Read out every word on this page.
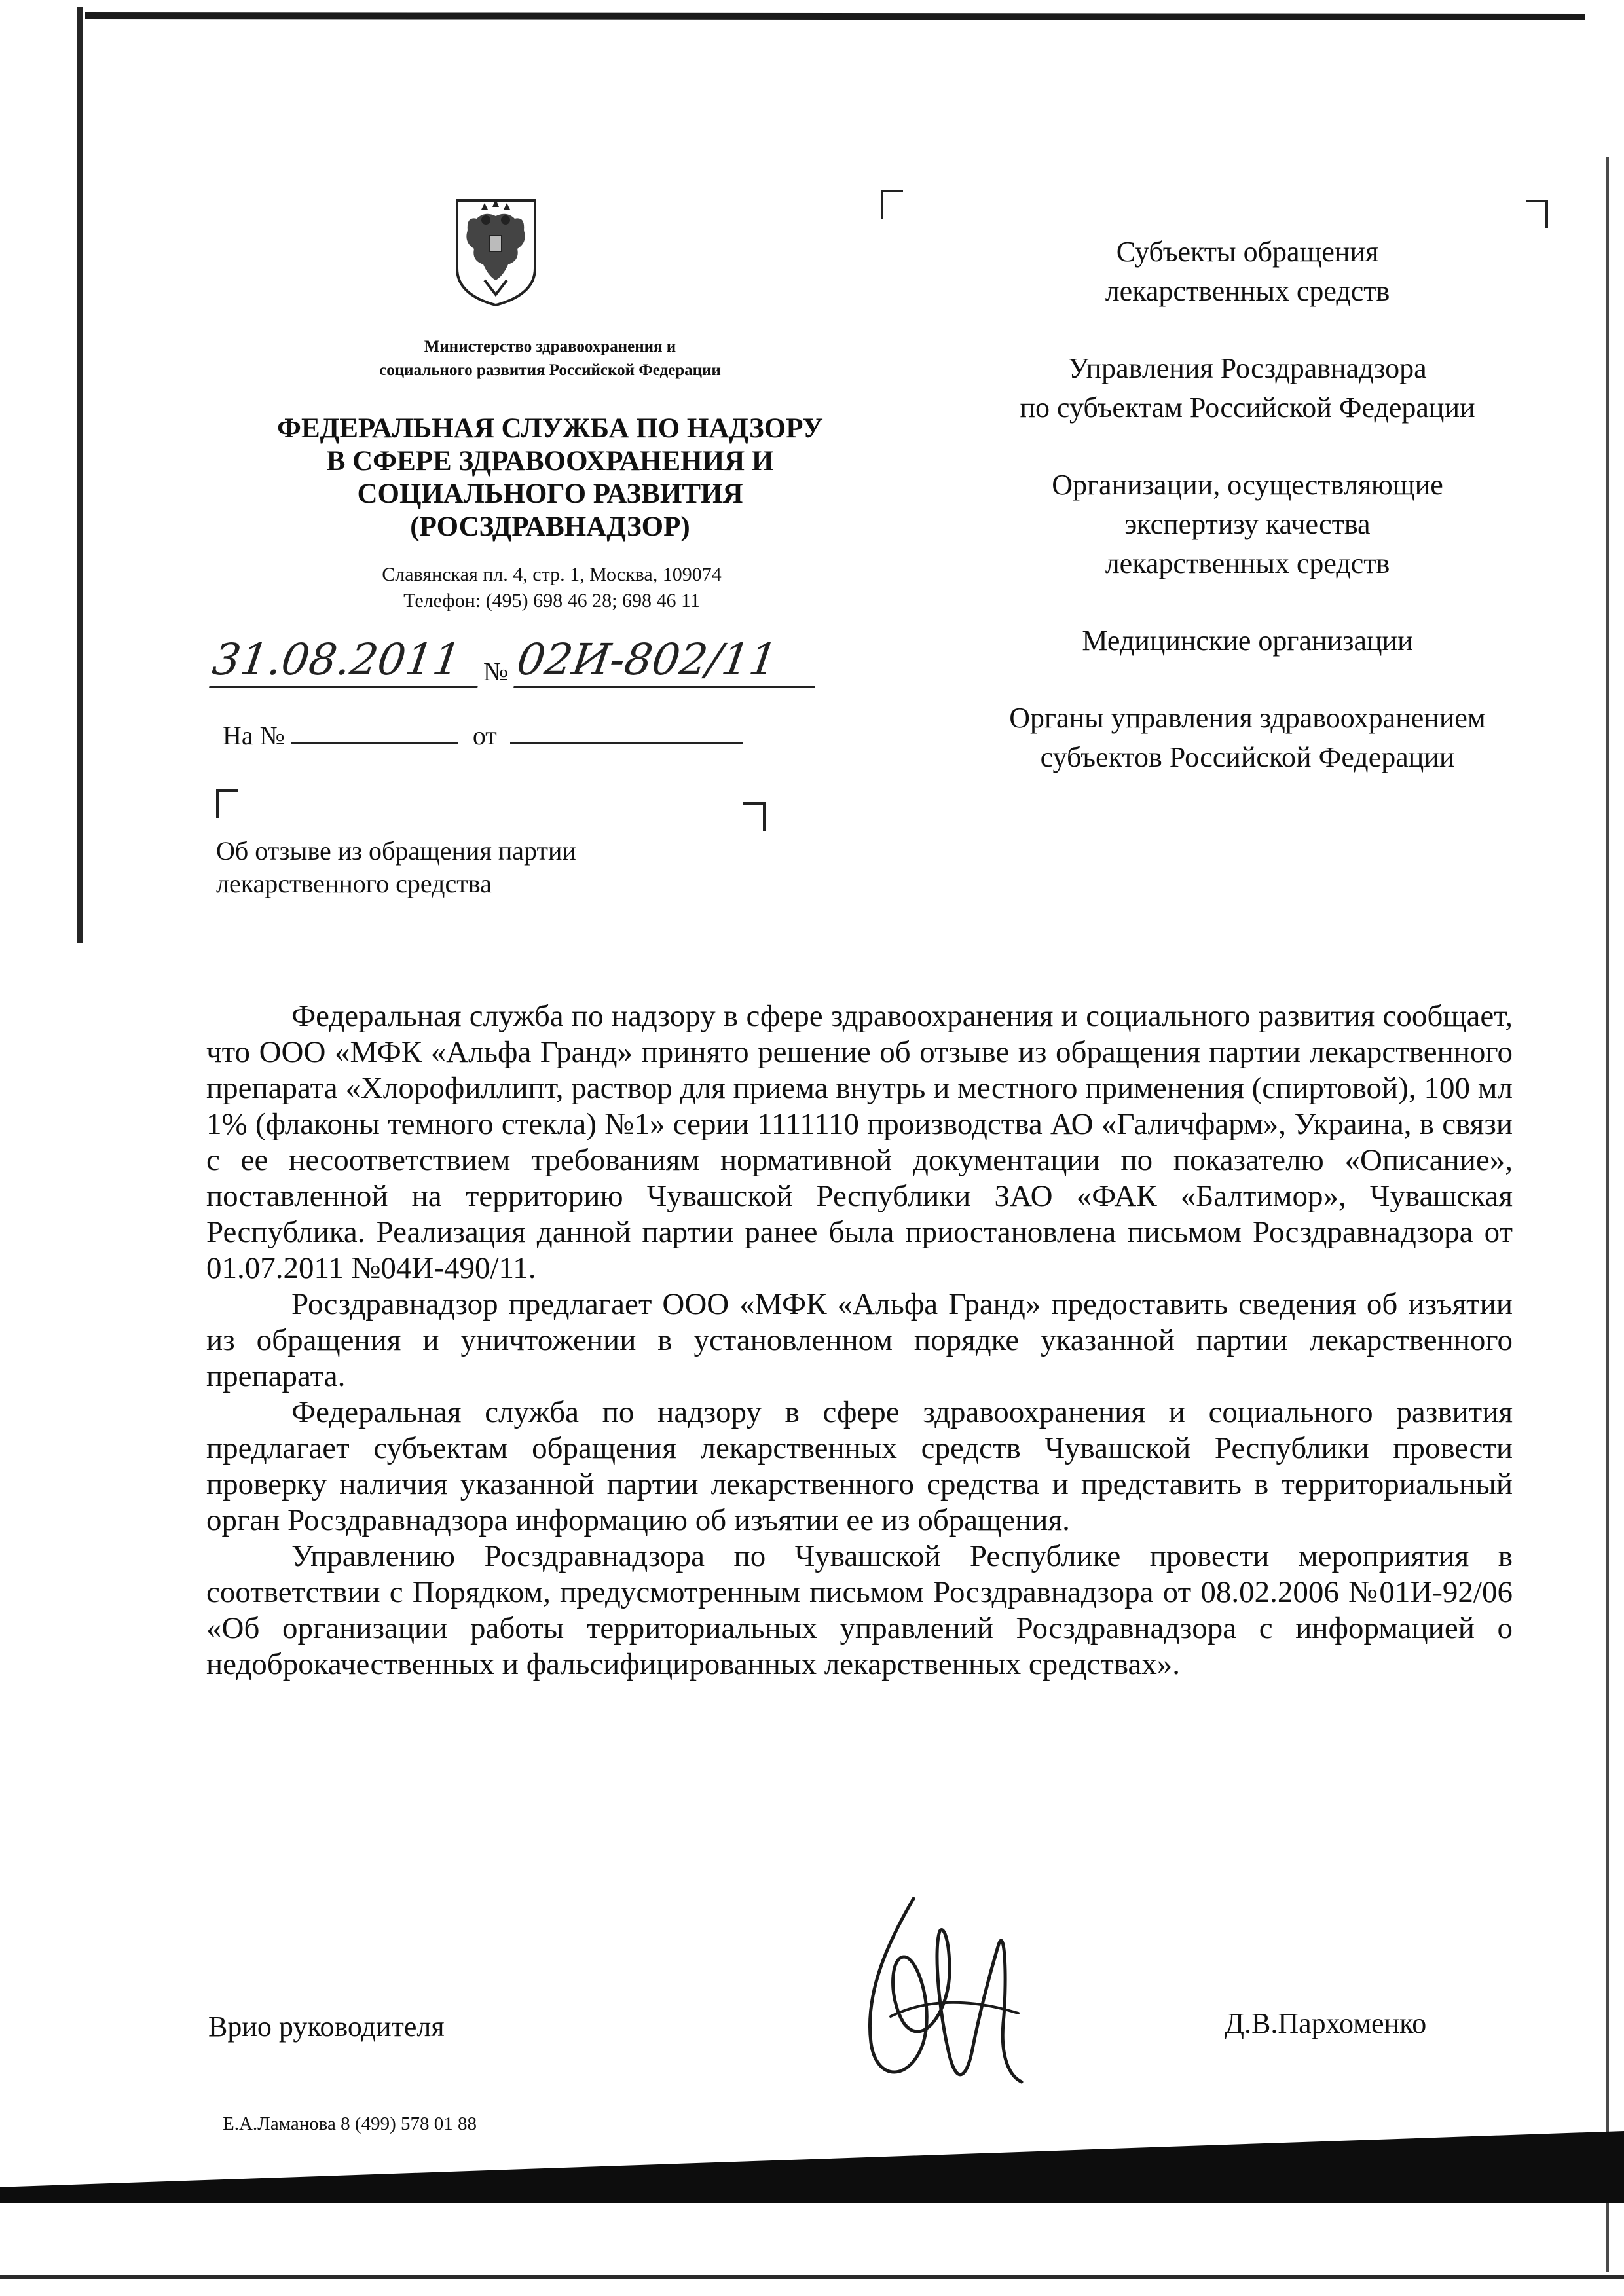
Министерство здравоохранения и
социального развития Российской Федерации
ФЕДЕРАЛЬНАЯ СЛУЖБА ПО НАДЗОРУ
В СФЕРЕ ЗДРАВООХРАНЕНИЯ И
СОЦИАЛЬНОГО РАЗВИТИЯ
(РОСЗДРАВНАДЗОР)
Славянская пл. 4, стр. 1, Москва, 109074
Телефон: (495) 698 46 28; 698 46 11
31.08.2011 № 02И-802/11
На №	от
Об отзыве из обращения партии
лекарственного средства
Субъекты обращения
лекарственных средств
Управления Росздравнадзора
по субъектам Российской Федерации
Организации, осуществляющие
экспертизу качества
лекарственных средств
Медицинские организации
Органы управления здравоохранением
субъектов Российской Федерации

Федеральная служба по надзору в сфере здравоохранения и социального развития сообщает, что ООО «МФК «Альфа Гранд» принято решение об отзыве из обращения партии лекарственного препарата «Хлорофиллипт, раствор для приема внутрь и местного применения (спиртовой), 100 мл 1% (флаконы темного стекла) №1» серии 1111110 производства АО «Галичфарм», Украина, в связи с ее несоответствием требованиям нормативной документации по показателю «Описание», поставленной на территорию Чувашской Республики ЗАО «ФАК «Балтимор», Чувашская Республика. Реализация данной партии ранее была приостановлена письмом Росздравнадзора от 01.07.2011 №04И-490/11.

Росздравнадзор предлагает ООО «МФК «Альфа Гранд» предоставить сведения об изъятии из обращения и уничтожении в установленном порядке указанной партии лекарственного препарата.

Федеральная служба по надзору в сфере здравоохранения и социального развития предлагает субъектам обращения лекарственных средств Чувашской Республики провести проверку наличия указанной партии лекарственного средства и представить в территориальный орган Росздравнадзора информацию об изъятии ее из обращения.

Управлению Росздравнадзора по Чувашской Республике провести мероприятия в соответствии с Порядком, предусмотренным письмом Росздравнадзора от 08.02.2006 №01И-92/06 «Об организации работы территориальных управлений Росздравнадзора с информацией о недоброкачественных и фальсифицированных лекарственных средствах».

Врио руководителя	Д.В.Пархоменко
Е.А.Ламанова 8 (499) 578 01 88
